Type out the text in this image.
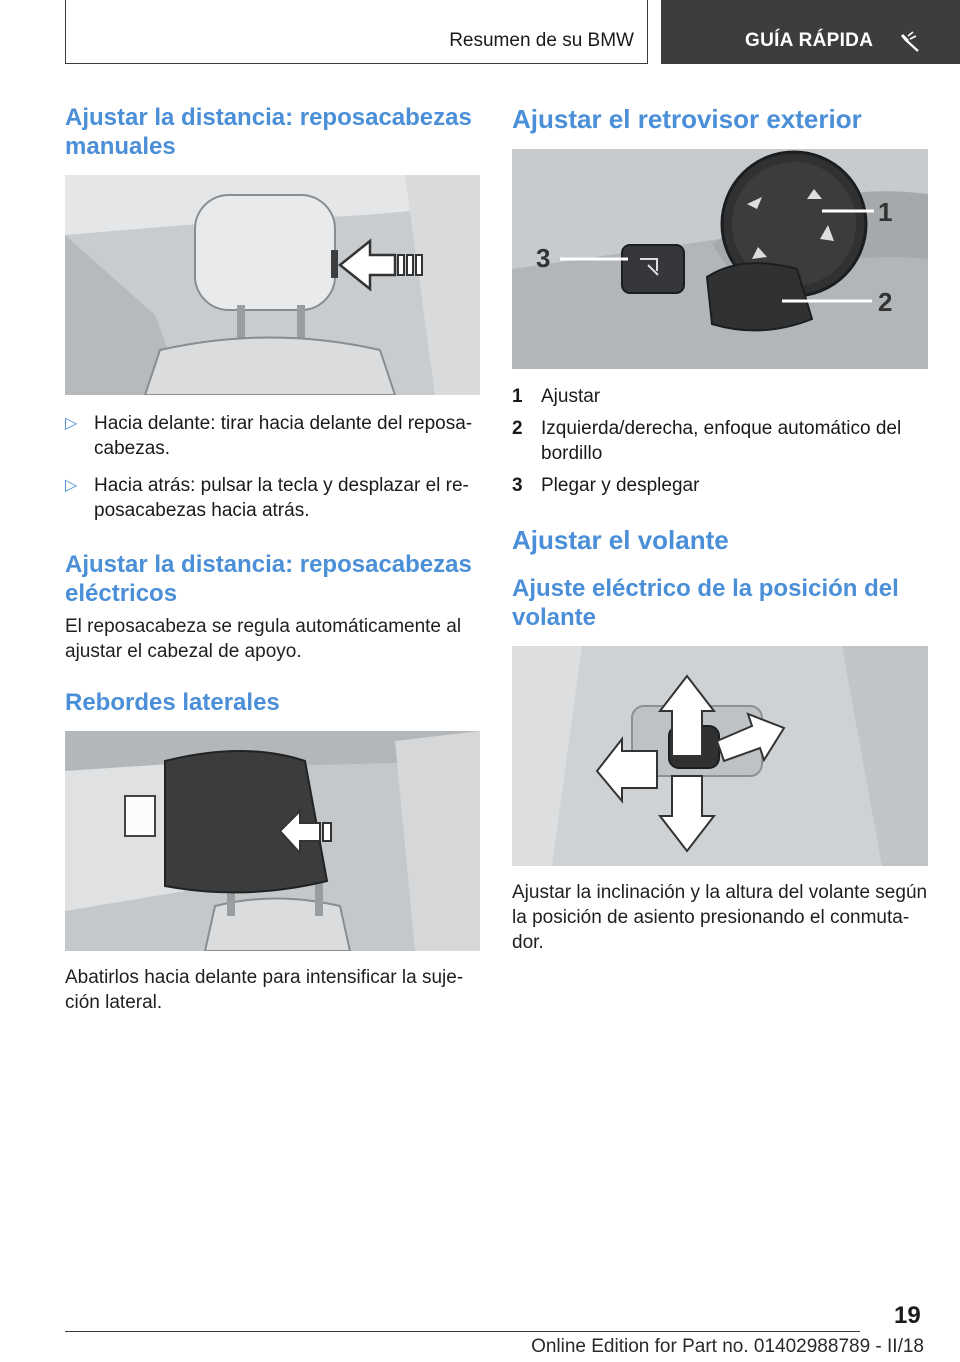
Resumen de su BMW	GUÍA RÁPIDA
Ajustar la distancia: reposacabezas manuales
▷ Hacia delante: tirar hacia delante del reposa-cabezas.
▷ Hacia atrás: pulsar la tecla y desplazar el re-posacabezas hacia atrás.
Ajustar la distancia: reposacabezas eléctricos

El reposacabeza se regula automáticamente al ajustar el cabezal de apoyo.

Rebordes laterales

Abatirlos hacia delante para intensificar la suje-ción lateral.

Ajustar el retrovisor exterior
1
2
3
1 Ajustar
2 Izquierda/derecha, enfoque automático del bordillo
3 Plegar y desplegar
Ajustar el volante
Ajuste eléctrico de la posición del volante

Ajustar la inclinación y la altura del volante según la posición de asiento presionando el conmuta-dor.

19
Online Edition for Part no. 01402988789 - II/18
